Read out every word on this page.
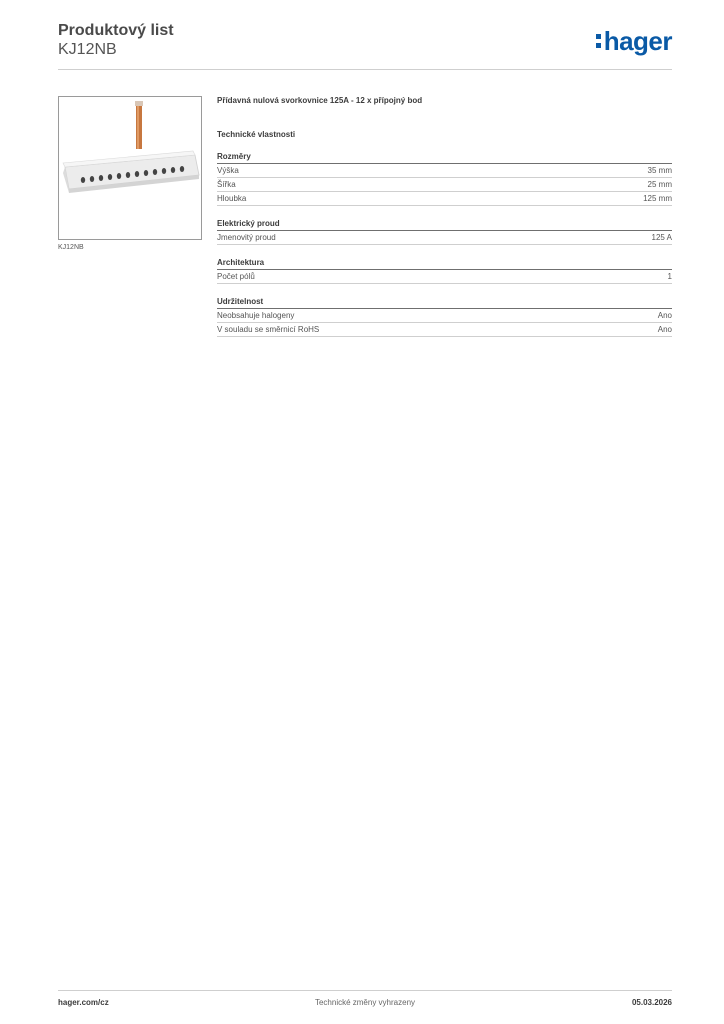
Produktový list
KJ12NB	hager
KJ12NB
Přídavná nulová svorkovnice 125A - 12 x přípojný bod
Technické vlastnosti
Rozměry
Výška	35 mm
Šířka	25 mm
Hloubka	125 mm
Elektrický proud
Jmenovitý proud	125 A
Architektura
Počet pólů	1
Udržitelnost
Neobsahuje halogeny	Ano
V souladu se směrnicí RoHS	Ano
Technické změny vyhrazeny
hager.com/cz	05.03.2026
